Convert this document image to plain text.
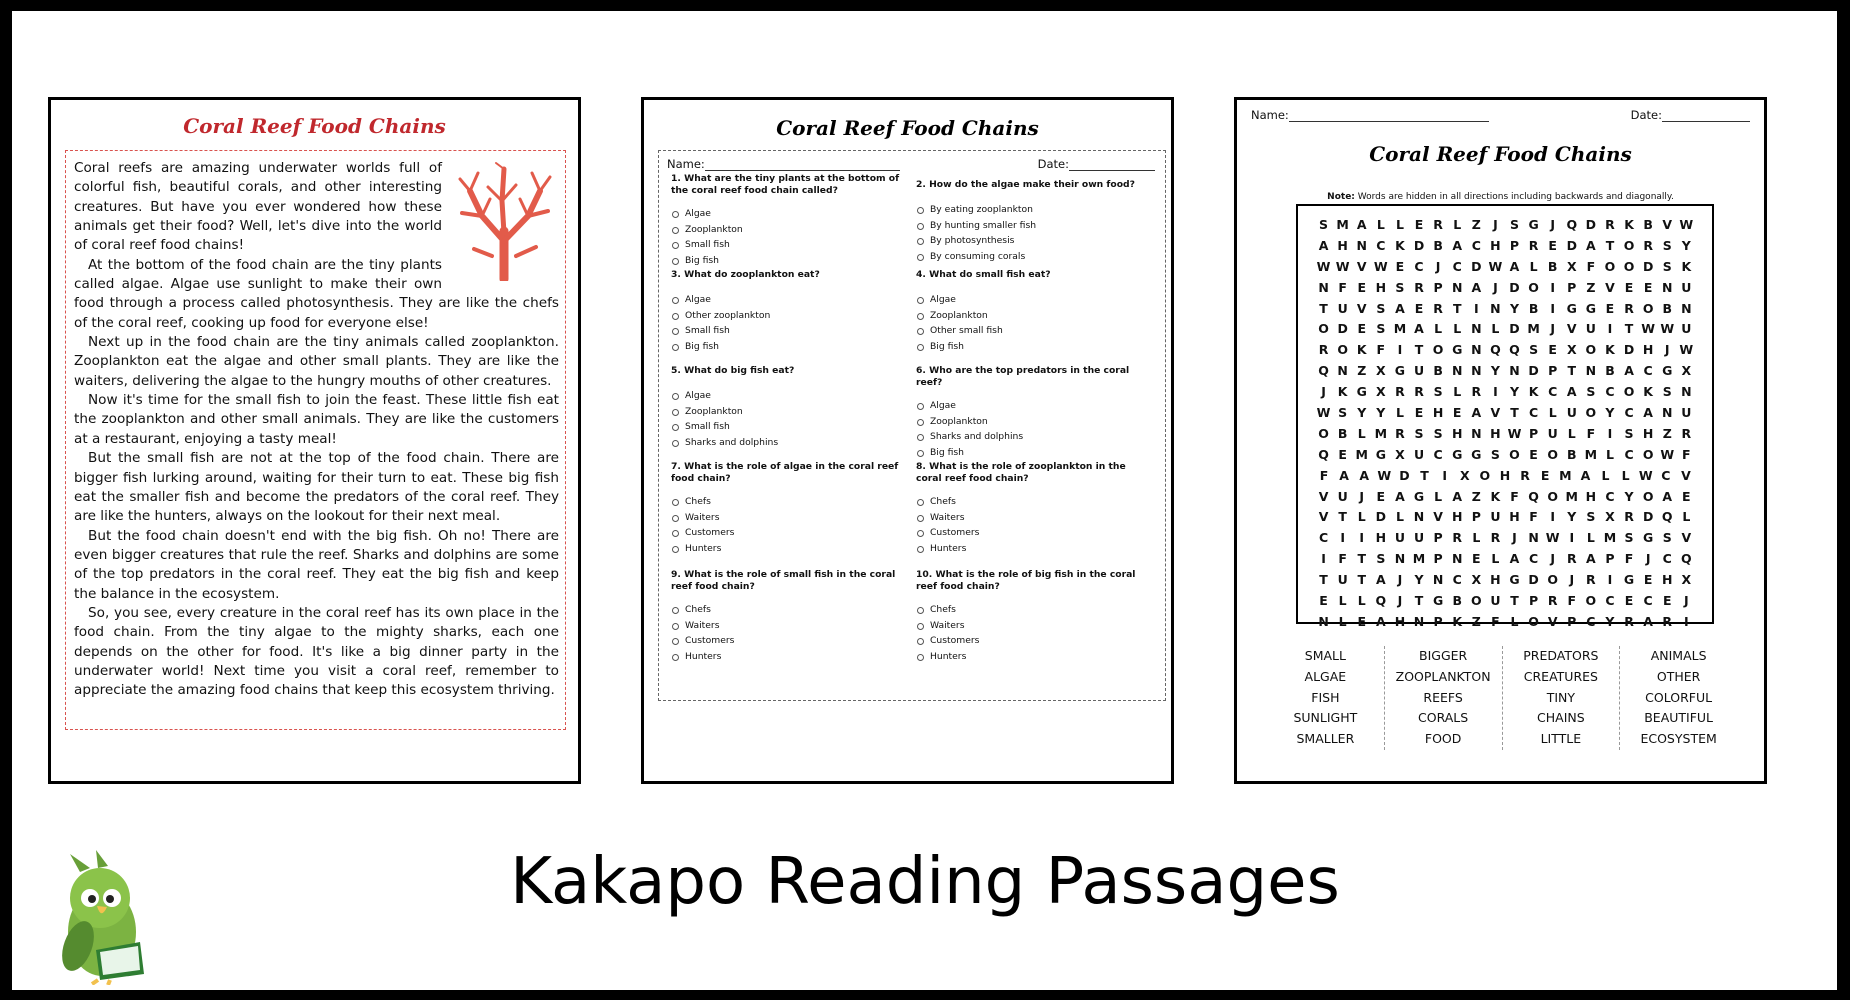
Coral Reef Food Chains

Coral reefs are amazing underwater worlds full of colorful fish, beautiful corals, and other interesting creatures. But have you ever wondered how these animals get their food? Well, let's dive into the world of coral reef food chains!

At the bottom of the food chain are the tiny plants called algae. Algae use sunlight to make their own food through a process called photosynthesis. They are like the chefs of the coral reef, cooking up food for everyone else!

Next up in the food chain are the tiny animals called zooplankton. Zooplankton eat the algae and other small plants. They are like the waiters, delivering the algae to the hungry mouths of other creatures.

Now it's time for the small fish to join the feast. These little fish eat the zooplankton and other small animals. They are like the customers at a restaurant, enjoying a tasty meal!

But the small fish are not at the top of the food chain. There are bigger fish lurking around, waiting for their turn to eat. These big fish eat the smaller fish and become the predators of the coral reef. They are like the hunters, always on the lookout for their next meal.

But the food chain doesn't end with the big fish. Oh no! There are even bigger creatures that rule the reef. Sharks and dolphins are some of the top predators in the coral reef. They eat the big fish and keep the balance in the ecosystem.

So, you see, every creature in the coral reef has its own place in the food chain. From the tiny algae to the mighty sharks, each one depends on the other for food. It's like a big dinner party in the underwater world! Next time you visit a coral reef, remember to appreciate the amazing food chains that keep this ecosystem thriving.

Coral Reef Food Chains
Name:	Date:
1. What are the tiny plants at the bottom of the coral reef food chain called?
Algae
Zooplankton
Small fish
Big fish
2. How do the algae make their own food?
By eating zooplankton
By hunting smaller fish
By photosynthesis
By consuming corals
3. What do zooplankton eat?
Algae
Other zooplankton
Small fish
Big fish
4. What do small fish eat?
Algae
Zooplankton
Other small fish
Big fish
5. What do big fish eat?
Algae
Zooplankton
Small fish
Sharks and dolphins
6. Who are the top predators in the coral reef?
Algae
Zooplankton
Sharks and dolphins
Big fish
7. What is the role of algae in the coral reef food chain?
Chefs
Waiters
Customers
Hunters
8. What is the role of zooplankton in the coral reef food chain?
Chefs
Waiters
Customers
Hunters
9. What is the role of small fish in the coral reef food chain?
Chefs
Waiters
Customers
Hunters
10. What is the role of big fish in the coral reef food chain?
Chefs
Waiters
Customers
Hunters
Name:	Date:
Coral Reef Food Chains
Note: Words are hidden in all directions including backwards and diagonally.
S M A L L E R L Z J S G J Q D R K B V W
A H N C K D B A C H P R E D A T O R S Y
W W V W E C J C D W A L B X F O O D S K
N F E H S R P N A J D O I P Z V E E N U
T U V S A E R T	I N Y B I G G E R О B N
O D E S M A L L N L D M J V U I	T W W U
R O K F	I	T O G N Q Q S E X O K D H J W
Q N Z X G U B N N Y N D P T N B A C G X
J K G X R R S L R I Y K C A S C O K S N
W S Y Y L E H E A V T C L U O Y C A N U
O B L M R S S H N H W P U L F	I S H Z R
Q E M G X U C G G S O E O B M L C O W F
F A A W D T	I	X O H R E M A L L W C V
V U J E A G L A Z K F Q O M H C Y O A E
V T L D L N V H P U H F	I Y S X R D Q L
C I	I H U U P R L R J N W I	L M S G S V
I F T S N M P N E L A C J R A P F	J C Q
T U T A J Y N C X H G D O J R I G E H X
E L L Q J	T G B O U T P R F O C E C E	J
N L E A H N P K Z F L O V P C Y R A R I
SMALL
ALGAE
FISH
SUNLIGHT
SMALLER
BIGGER
ZOOPLANKTON
REEFS
CORALS
FOOD
PREDATORS
CREATURES
TINY
CHAINS
LITTLE
ANIMALS
OTHER
COLORFUL
BEAUTIFUL
ECOSYSTEM
Kakapo Reading Passages
